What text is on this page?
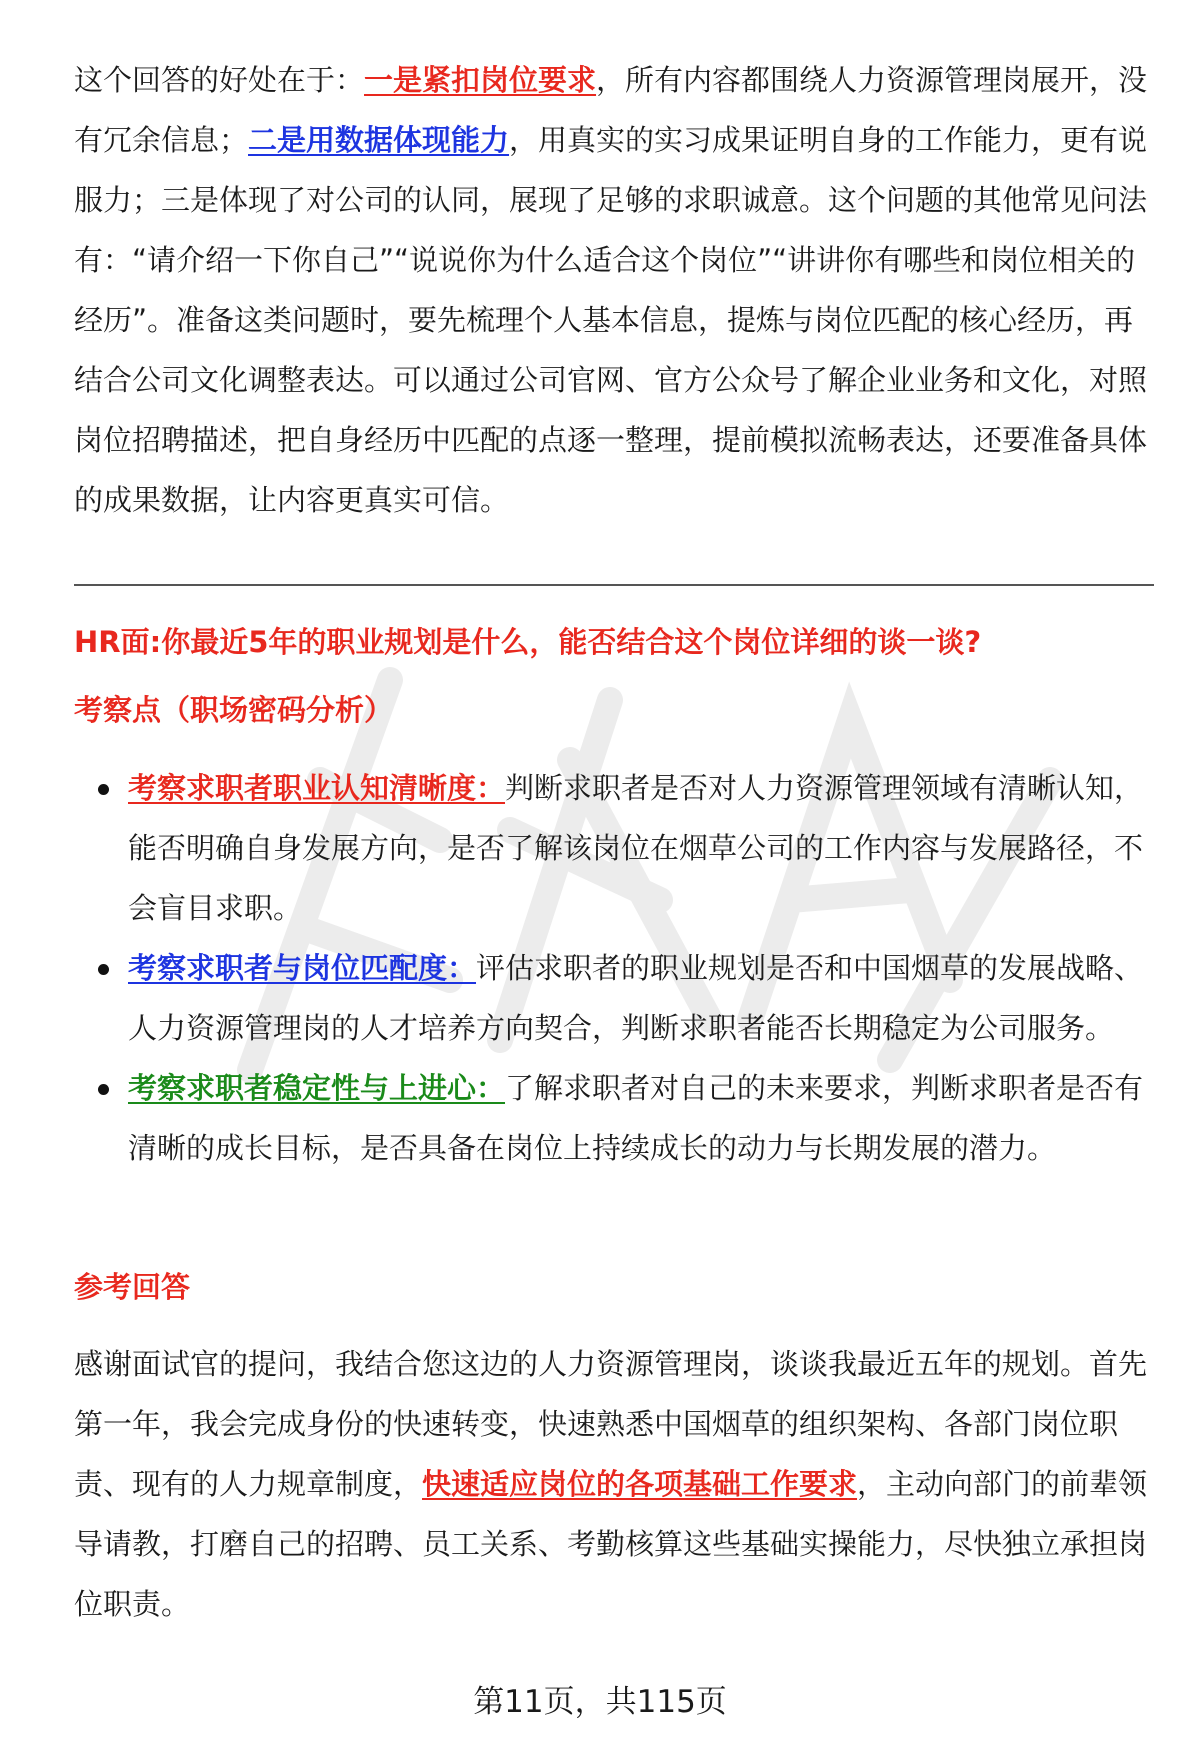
这个回答的好处在于：一是紧扣岗位要求，所有内容都围绕人力资源管理岗展开，没有冗余信息；二是用数据体现能力，用真实的实习成果证明自身的工作能力，更有说服力；三是体现了对公司的认同，展现了足够的求职诚意。这个问题的其他常见问法有：“请介绍一下你自己”“说说你为什么适合这个岗位”“讲讲你有哪些和岗位相关的经历”。准备这类问题时，要先梳理个人基本信息，提炼与岗位匹配的核心经历，再结合公司文化调整表达。可以通过公司官网、官方公众号了解企业业务和文化，对照岗位招聘描述，把自身经历中匹配的点逐一整理，提前模拟流畅表达，还要准备具体的成果数据，让内容更真实可信。
HR面:你最近5年的职业规划是什么，能否结合这个岗位详细的谈一谈?
考察点（职场密码分析）
考察求职者职业认知清晰度：判断求职者是否对人力资源管理领域有清晰认知，能否明确自身发展方向，是否了解该岗位在烟草公司的工作内容与发展路径，不会盲目求职。
考察求职者与岗位匹配度：评估求职者的职业规划是否和中国烟草的发展战略、人力资源管理岗的人才培养方向契合，判断求职者能否长期稳定为公司服务。
考察求职者稳定性与上进心：了解求职者对自己的未来要求，判断求职者是否有清晰的成长目标，是否具备在岗位上持续成长的动力与长期发展的潜力。
参考回答
感谢面试官的提问，我结合您这边的人力资源管理岗，谈谈我最近五年的规划。首先第一年，我会完成身份的快速转变，快速熟悉中国烟草的组织架构、各部门岗位职责、现有的人力规章制度，快速适应岗位的各项基础工作要求，主动向部门的前辈领导请教，打磨自己的招聘、员工关系、考勤核算这些基础实操能力，尽快独立承担岗位职责。
第11页，共115页
